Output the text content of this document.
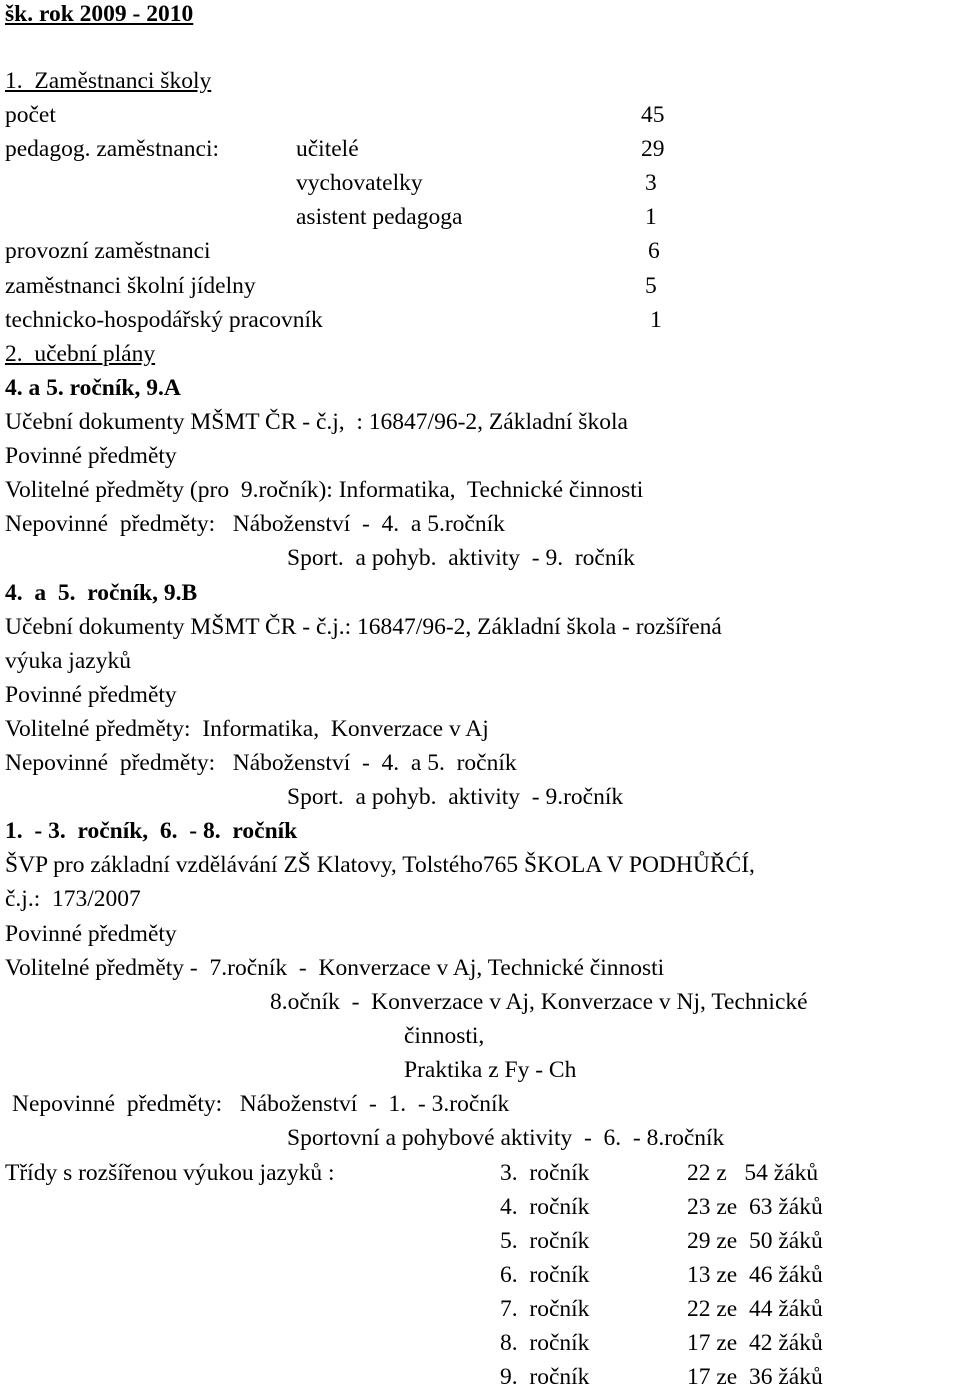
šk. rok 2009 - 2010
1.  Zaměstnanci školy
počet	45
pedagog. zaměstnanci:	učitelé	29
vychovatelky	3
asistent pedagoga	1
provozní zaměstnanci	6
zaměstnanci školní jídelny	5
technicko-hospodářský pracovník	1
2.  učební plány
4. a 5. ročník, 9.A
Učební dokumenty MŠMT ČR - č.j,  : 16847/96-2, Základní škola
Povinné předměty
Volitelné předměty (pro  9.ročník): Informatika,  Technické činnosti
Nepovinné  předměty:   Náboženství  -  4.  a 5.ročník
Sport.  a pohyb.  aktivity  - 9.  ročník
4.  a  5.  ročník, 9.B
Učební dokumenty MŠMT ČR - č.j.: 16847/96-2, Základní škola - rozšířená
výuka jazyků
Povinné předměty
Volitelné předměty:  Informatika,  Konverzace v Aj
Nepovinné  předměty:   Náboženství  -  4.  a 5.  ročník
Sport.  a pohyb.  aktivity  - 9.ročník
1.  - 3.  ročník,  6.  - 8.  ročník
ŠVP pro základní vzdělávání ZŠ Klatovy, Tolstého765 ŠKOLA V PODHŮŘĆÍ,
č.j.:  173/2007
Povinné předměty
Volitelné předměty -  7.ročník  -  Konverzace v Aj, Technické činnosti
8.očník  -  Konverzace v Aj, Konverzace v Nj, Technické
činnosti,
Praktika z Fy - Ch
Nepovinné  předměty:   Náboženství  -  1.  - 3.ročník
Sportovní a pohybové aktivity  -  6.  - 8.ročník
Třídy s rozšířenou výukou jazyků :	3.  ročník	22 z   54 žáků
4.  ročník	23 ze  63 žáků
5.  ročník	29 ze  50 žáků
6.  ročník	13 ze  46 žáků
7.  ročník	22 ze  44 žáků
8.  ročník	17 ze  42 žáků
9.  ročník	17 ze  36 žáků
